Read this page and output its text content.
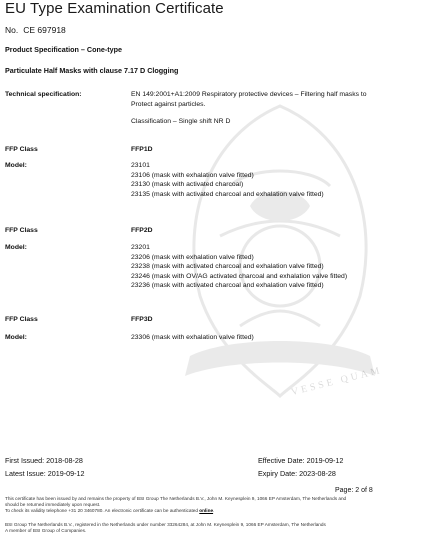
VESSE QUAM
EU Type Examination Certificate
No. CE 697918
Product Specification – Cone-type
Particulate Half Masks with clause 7.17 D Clogging
Technical specification:	EN 149:2001+A1:2009 Respiratory protective devices – Filtering half masks to
Protect against particles.
Classification – Single shift NR D
FFP Class	FFP1D
Model:	23101
23106 (mask with exhalation valve fitted)
23130 (mask with activated charcoal)
23135 (mask with activated charcoal and exhalation valve fitted)
FFP Class	FFP2D
Model:	23201
23206 (mask with exhalation valve fitted)
23238 (mask with activated charcoal and exhalation valve fitted)
23246 (mask with OV/AG activated charcoal and exhalation valve fitted)
23236 (mask with activated charcoal and exhalation valve fitted)
FFP Class	FFP3D
Model:	23306 (mask with exhalation valve fitted)
First Issued: 2018-08-28
Latest Issue: 2019-09-12
Effective Date: 2019-09-12
Expiry Date: 2023-08-28
Page: 2 of 8
This certificate has been issued by and remains the property of BSI Group The Netherlands B.V., John M. Keynesplein 9, 1066 EP Amsterdam, The Netherlands and
should be returned immediately upon request.
To check its validity telephone +31 20 3460780. An electronic certificate can be authenticated online.
BSI Group The Netherlands B.V., registered in the Netherlands under number 33264284, at John M. Keynesplein 9, 1066 EP Amsterdam, The Netherlands
A member of BSI Group of Companies.
